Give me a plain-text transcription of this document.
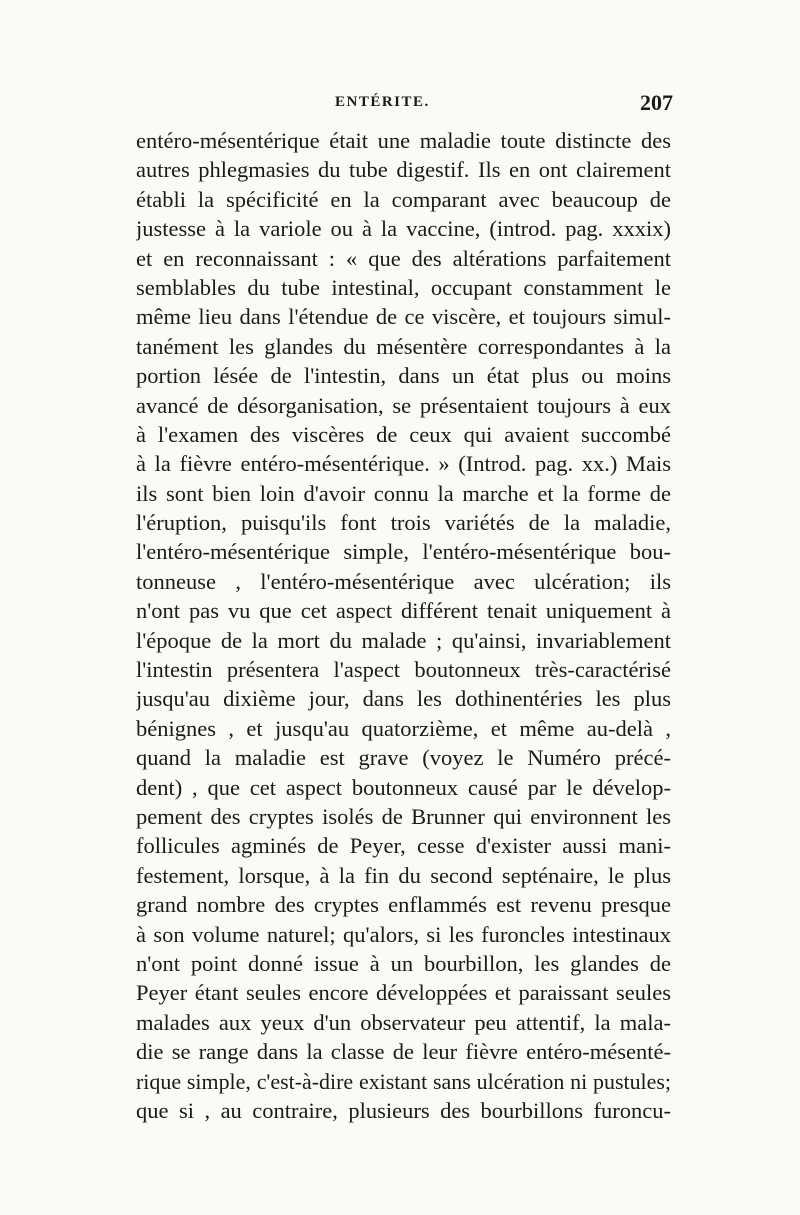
ENTÉRITE.	207
entéro-mésentérique était une maladie toute distincte des
autres phlegmasies du tube digestif. Ils en ont clairement
établi la spécificité en la comparant avec beaucoup de
justesse à la variole ou à la vaccine, (introd. pag. xxxix)
et en reconnaissant : « que des altérations parfaitement
semblables du tube intestinal, occupant constamment le
même lieu dans l'étendue de ce viscère, et toujours simul-
tanément les glandes du mésentère correspondantes à la
portion lésée de l'intestin, dans un état plus ou moins
avancé de désorganisation, se présentaient toujours à eux
à l'examen des viscères de ceux qui avaient succombé
à la fièvre entéro-mésentérique. » (Introd. pag. xx.) Mais
ils sont bien loin d'avoir connu la marche et la forme de
l'éruption, puisqu'ils font trois variétés de la maladie,
l'entéro-mésentérique simple, l'entéro-mésentérique bou-
tonneuse , l'entéro-mésentérique avec ulcération; ils
n'ont pas vu que cet aspect différent tenait uniquement à
l'époque de la mort du malade ; qu'ainsi, invariablement
l'intestin présentera l'aspect boutonneux très-caractérisé
jusqu'au dixième jour, dans les dothinentéries les plus
bénignes , et jusqu'au quatorzième, et même au-delà ,
quand la maladie est grave (voyez le Numéro précé-
dent) , que cet aspect boutonneux causé par le dévelop-
pement des cryptes isolés de Brunner qui environnent les
follicules agminés de Peyer, cesse d'exister aussi mani-
festement, lorsque, à la fin du second septénaire, le plus
grand nombre des cryptes enflammés est revenu presque
à son volume naturel; qu'alors, si les furoncles intestinaux
n'ont point donné issue à un bourbillon, les glandes de
Peyer étant seules encore développées et paraissant seules
malades aux yeux d'un observateur peu attentif, la mala-
die se range dans la classe de leur fièvre entéro-mésenté-
rique simple, c'est-à-dire existant sans ulcération ni pustules;
que si , au contraire, plusieurs des bourbillons furoncu-
